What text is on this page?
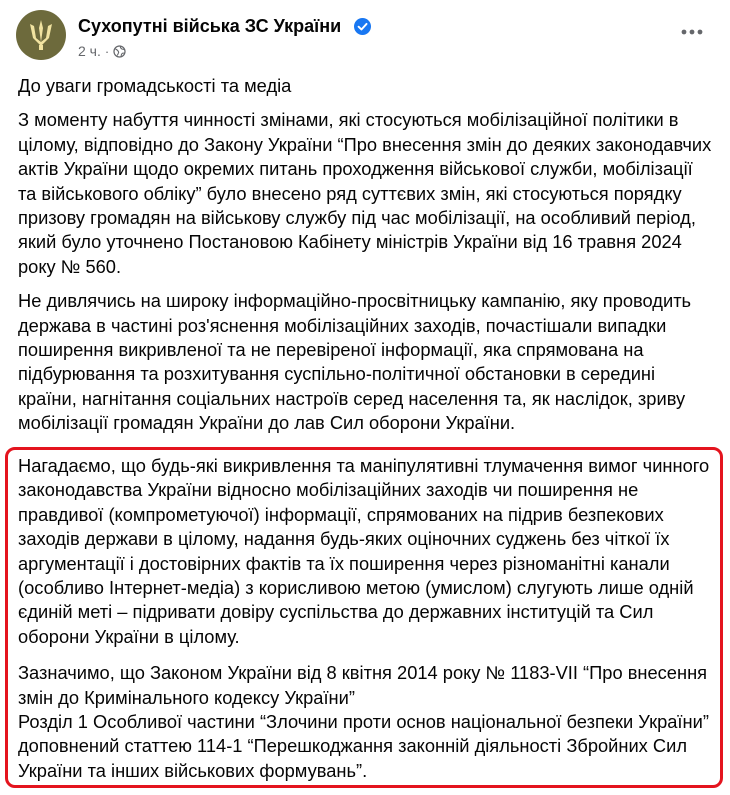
Сухопутні війська ЗС України
2 ч. ·

До уваги громадськості та медіа

З моменту набуття чинності змінами, які стосуються мобілізаційної політики в цілому, відповідно до Закону України “Про внесення змін до деяких законодавчих актів України щодо окремих питань проходження військової служби, мобілізації та військового обліку” було внесено ряд суттєвих змін, які стосуються порядку призову громадян на військову службу під час мобілізації, на особливий період, який було уточнено Постановою Кабінету міністрів України від 16 травня 2024 року № 560.

Не дивлячись на широку інформаційно-просвітницьку кампанію, яку проводить держава в частині роз'яснення мобілізаційних заходів, почастішали випадки поширення викривленої та не перевіреної інформації, яка спрямована на підбурювання та розхитування суспільно-політичної обстановки в середині країни, нагнітання соціальних настроїв серед населення та, як наслідок, зриву мобілізації громадян України до лав Сил оборони України.

Нагадаємо, що будь-які викривлення та маніпулятивні тлумачення вимог чинного законодавства України відносно мобілізаційних заходів чи поширення не правдивої (компрометуючої) інформації, спрямованих на підрив безпекових заходів держави в цілому, надання будь-яких оціночних суджень без чіткої їх аргументації і достовірних фактів та їх поширення через різноманітні канали (особливо Інтернет-медіа) з корисливою метою (умислом) слугують лише одній єдиній меті – підривати довіру суспільства до державних інституцій та Сил оборони України в цілому.

Зазначимо, що Законом України від 8 квітня 2014 року № 1183-VII “Про внесення змін до Кримінального кодексу України”

Розділ 1 Особливої частини “Злочини проти основ національної безпеки України” доповнений статтею 114-1 “Перешкоджання законній діяльності Збройних Сил України та інших військових формувань”.
